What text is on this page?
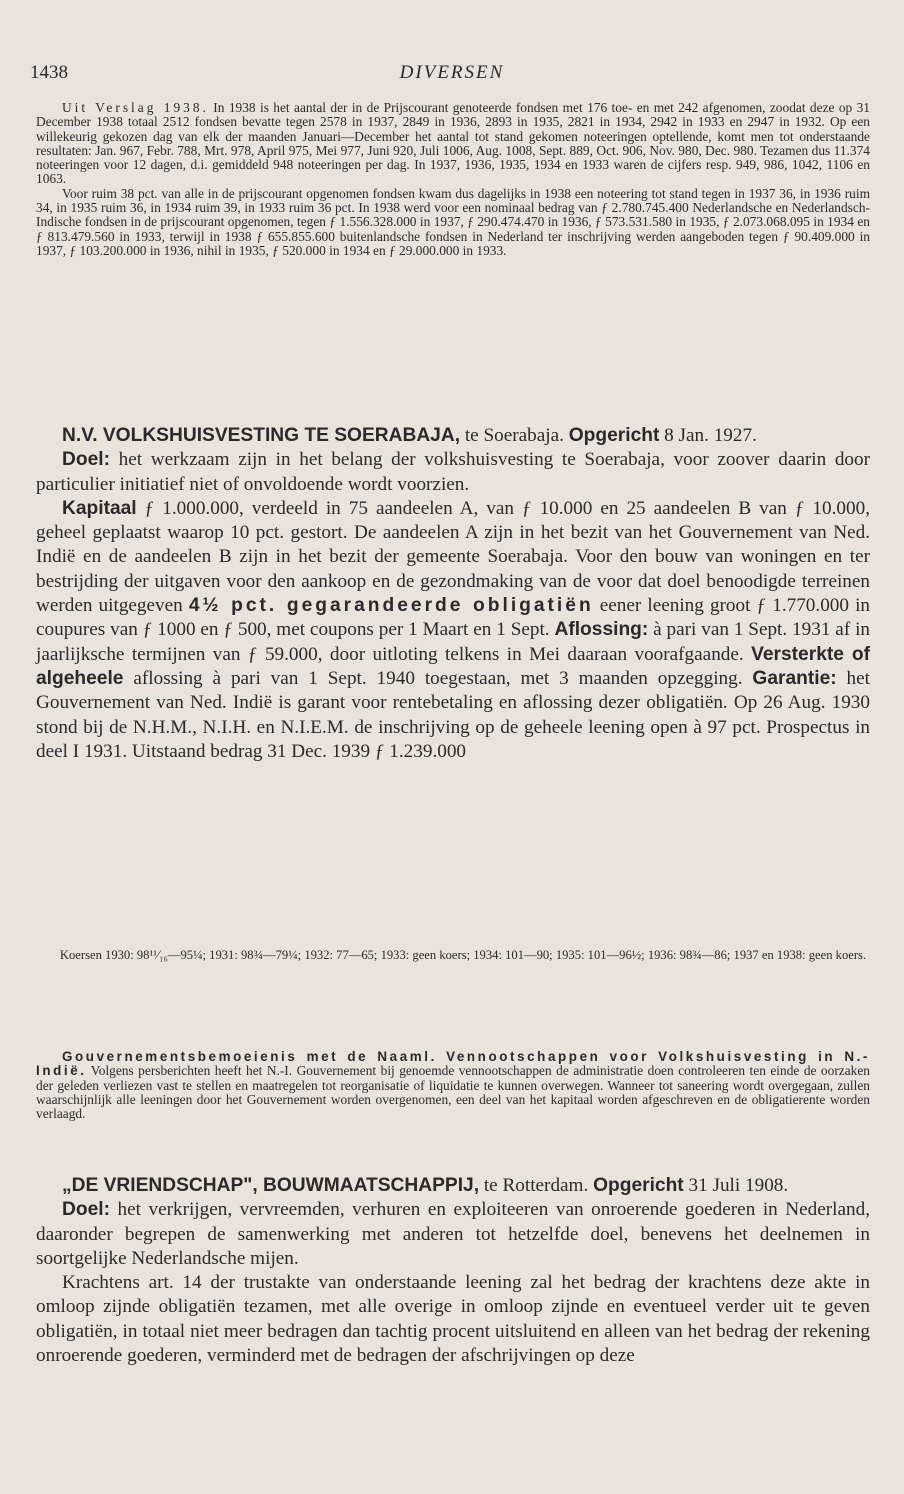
1438	DIVERSEN

Uit Verslag 1938. In 1938 is het aantal der in de Prijscourant genoteerde fondsen met 176 toe- en met 242 afgenomen, zoodat deze op 31 December 1938 totaal 2512 fondsen bevatte tegen 2578 in 1937, 2849 in 1936, 2893 in 1935, 2821 in 1934, 2942 in 1933 en 2947 in 1932. Op een willekeurig gekozen dag van elk der maanden Januari—December het aantal tot stand gekomen noteeringen optellende, komt men tot onderstaande resultaten: Jan. 967, Febr. 788, Mrt. 978, April 975, Mei 977, Juni 920, Juli 1006, Aug. 1008, Sept. 889, Oct. 906, Nov. 980, Dec. 980. Tezamen dus 11.374 noteeringen voor 12 dagen, d.i. gemiddeld 948 noteeringen per dag. In 1937, 1936, 1935, 1934 en 1933 waren de cijfers resp. 949, 986, 1042, 1106 en 1063.

Voor ruim 38 pct. van alle in de prijscourant opgenomen fondsen kwam dus dagelijks in 1938 een noteering tot stand tegen in 1937 36, in 1936 ruim 34, in 1935 ruim 36, in 1934 ruim 39, in 1933 ruim 36 pct. In 1938 werd voor een nominaal bedrag van ƒ 2.780.745.400 Nederlandsche en Nederlandsch-Indische fondsen in de prijscourant opgenomen, tegen ƒ 1.556.328.000 in 1937, ƒ 290.474.470 in 1936, ƒ 573.531.580 in 1935, ƒ 2.073.068.095 in 1934 en ƒ 813.479.560 in 1933, terwijl in 1938 ƒ 655.855.600 buitenlandsche fondsen in Nederland ter inschrijving werden aangeboden tegen ƒ 90.409.000 in 1937, ƒ 103.200.000 in 1936, nihil in 1935, ƒ 520.000 in 1934 en ƒ 29.000.000 in 1933.

N.V. VOLKSHUISVESTING TE SOERABAJA, te Soerabaja. Opgericht 8 Jan. 1927.

Doel: het werkzaam zijn in het belang der volkshuisvesting te Soerabaja, voor zoover daarin door particulier initiatief niet of onvoldoende wordt voorzien.

Kapitaal ƒ 1.000.000, verdeeld in 75 aandeelen A, van ƒ 10.000 en 25 aandeelen B van ƒ 10.000, geheel geplaatst waarop 10 pct. gestort. De aandeelen A zijn in het bezit van het Gouvernement van Ned. Indië en de aandeelen B zijn in het bezit der gemeente Soerabaja. Voor den bouw van woningen en ter bestrijding der uitgaven voor den aankoop en de gezondmaking van de voor dat doel benoodigde terreinen werden uitgegeven 4½ pct. gegarandeerde obligatiën eener leening groot ƒ 1.770.000 in coupures van ƒ 1000 en ƒ 500, met coupons per 1 Maart en 1 Sept. Aflossing: à pari van 1 Sept. 1931 af in jaarlijksche termijnen van ƒ 59.000, door uitloting telkens in Mei daaraan voorafgaande. Versterkte of algeheele aflossing à pari van 1 Sept. 1940 toegestaan, met 3 maanden opzegging. Garantie: het Gouvernement van Ned. Indië is garant voor rentebetaling en aflossing dezer obligatiën. Op 26 Aug. 1930 stond bij de N.H.M., N.I.H. en N.I.E.M. de inschrijving op de geheele leening open à 97 pct. Prospectus in deel I 1931. Uitstaand bedrag 31 Dec. 1939 ƒ 1.239.000

Koersen 1930: 98¹¹⁄₁₆—95¼; 1931: 98¾—79¼; 1932: 77—65; 1933: geen koers; 1934: 101—90; 1935: 101—96½; 1936: 98¾—86; 1937 en 1938: geen koers.

Gouvernementsbemoeienis met de Naaml. Vennootschappen voor Volkshuisvesting in N.-Indië. Volgens persberichten heeft het N.-I. Gouvernement bij genoemde vennootschappen de administratie doen controleeren ten einde de oorzaken der geleden verliezen vast te stellen en maatregelen tot reorganisatie of liquidatie te kunnen overwegen. Wanneer tot saneering wordt overgegaan, zullen waarschijnlijk alle leeningen door het Gouvernement worden overgenomen, een deel van het kapitaal worden afgeschreven en de obligatierente worden verlaagd.

„DE VRIENDSCHAP", BOUWMAATSCHAPPIJ, te Rotterdam. Opgericht 31 Juli 1908.

Doel: het verkrijgen, vervreemden, verhuren en exploiteeren van onroerende goederen in Nederland, daaronder begrepen de samenwerking met anderen tot hetzelfde doel, benevens het deelnemen in soortgelijke Nederlandsche mijen.

Krachtens art. 14 der trustakte van onderstaande leening zal het bedrag der krachtens deze akte in omloop zijnde obligatiën tezamen, met alle overige in omloop zijnde en eventueel verder uit te geven obligatiën, in totaal niet meer bedragen dan tachtig procent uitsluitend en alleen van het bedrag der rekening onroerende goederen, verminderd met de bedragen der afschrijvingen op deze
